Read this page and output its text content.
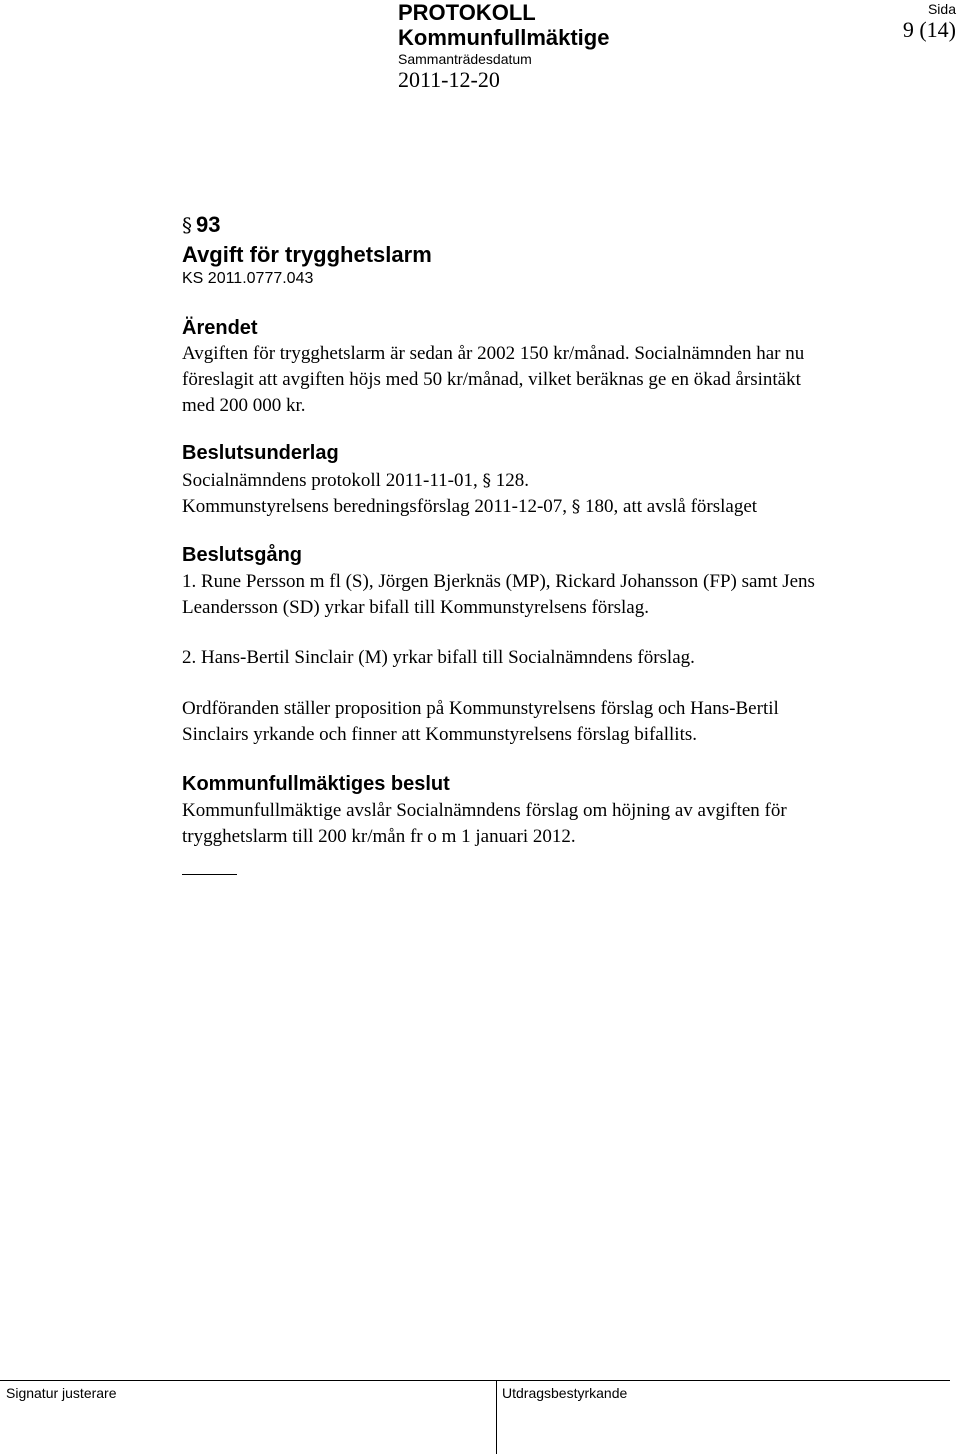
PROTOKOLL
Kommunfullmäktige
Sammanträdesdatum
2011-12-20
Sida
9 (14)
§ 93
Avgift för trygghetslarm
KS 2011.0777.043
Ärendet
Avgiften för trygghetslarm är sedan år 2002 150 kr/månad. Socialnämnden har nu
föreslagit att avgiften höjs med 50 kr/månad, vilket beräknas ge en ökad årsintäkt
med 200 000 kr.
Beslutsunderlag
Socialnämndens protokoll 2011-11-01, § 128.
Kommunstyrelsens beredningsförslag 2011-12-07, § 180, att avslå förslaget
Beslutsgång
1. Rune Persson m fl (S), Jörgen Bjerknäs (MP), Rickard Johansson (FP) samt Jens
Leandersson (SD) yrkar bifall till Kommunstyrelsens förslag.
2. Hans-Bertil Sinclair (M) yrkar bifall till Socialnämndens förslag.
Ordföranden ställer proposition på Kommunstyrelsens förslag och Hans-Bertil
Sinclairs yrkande och finner att Kommunstyrelsens förslag bifallits.
Kommunfullmäktiges beslut
Kommunfullmäktige avslår Socialnämndens förslag om höjning av avgiften för
trygghetslarm till 200 kr/mån fr o m 1 januari 2012.
Signatur justerare	Utdragsbestyrkande
